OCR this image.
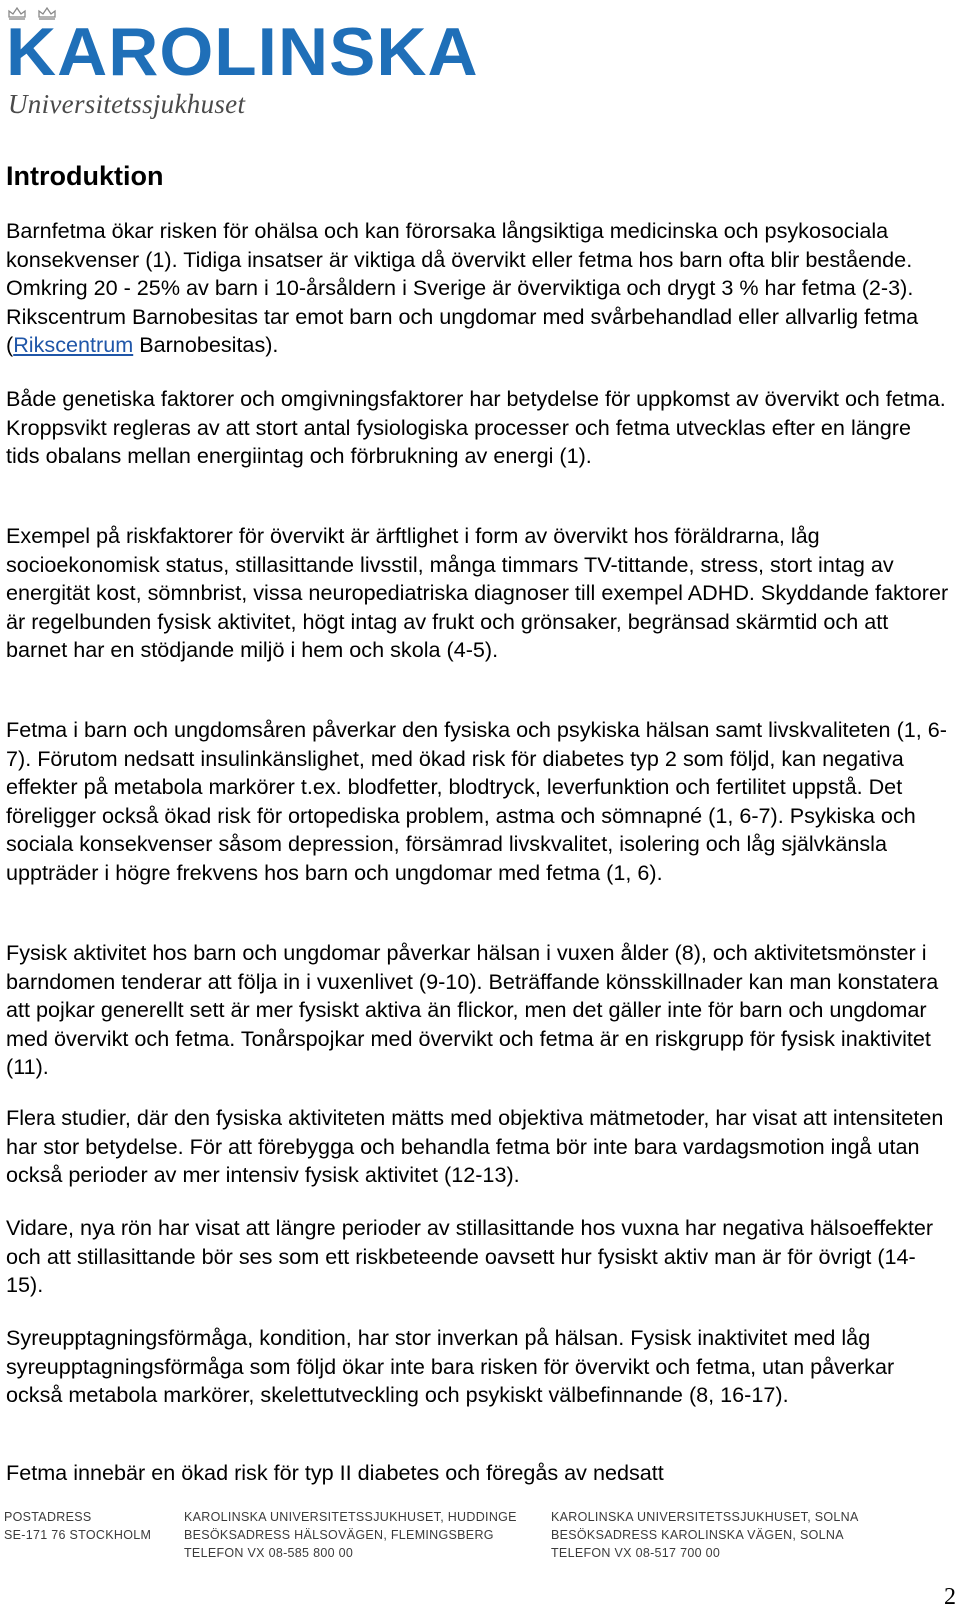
KAROLINSKA
Universitetssjukhuset
Introduktion

Barnfetma ökar risken för ohälsa och kan förorsaka långsiktiga medicinska och psykosociala konsekvenser (1). Tidiga insatser är viktiga då övervikt eller fetma hos barn ofta blir bestående. Omkring 20 - 25% av barn i 10-årsåldern i Sverige är överviktiga och drygt 3 % har fetma (2-3). Rikscentrum Barnobesitas tar emot barn och ungdomar med svårbehandlad eller allvarlig fetma (Rikscentrum Barnobesitas).

Både genetiska faktorer och omgivningsfaktorer har betydelse för uppkomst av övervikt och fetma. Kroppsvikt regleras av att stort antal fysiologiska processer och fetma utvecklas efter en längre tids obalans mellan energiintag och förbrukning av energi (1).

Exempel på riskfaktorer för övervikt är ärftlighet i form av övervikt hos föräldrarna, låg socioekonomisk status, stillasittande livsstil, många timmars TV-tittande, stress, stort intag av energität kost, sömnbrist, vissa neuropediatriska diagnoser till exempel ADHD. Skyddande faktorer är regelbunden fysisk aktivitet, högt intag av frukt och grönsaker, begränsad skärmtid och att barnet har en stödjande miljö i hem och skola (4-5).

Fetma i barn och ungdomsåren påverkar den fysiska och psykiska hälsan samt livskvaliteten (1, 6-7). Förutom nedsatt insulinkänslighet, med ökad risk för diabetes typ 2 som följd, kan negativa effekter på metabola markörer t.ex. blodfetter, blodtryck, leverfunktion och fertilitet uppstå. Det föreligger också ökad risk för ortopediska problem, astma och sömnapné (1, 6-7). Psykiska och sociala konsekvenser såsom depression, försämrad livskvalitet, isolering och låg självkänsla uppträder i högre frekvens hos barn och ungdomar med fetma (1, 6).

Fysisk aktivitet hos barn och ungdomar påverkar hälsan i vuxen ålder (8), och aktivitetsmönster i barndomen tenderar att följa in i vuxenlivet (9-10). Beträffande könsskillnader kan man konstatera att pojkar generellt sett är mer fysiskt aktiva än flickor, men det gäller inte för barn och ungdomar med övervikt och fetma. Tonårspojkar med övervikt och fetma är en riskgrupp för fysisk inaktivitet (11).

Flera studier, där den fysiska aktiviteten mätts med objektiva mätmetoder, har visat att intensiteten har stor betydelse. För att förebygga och behandla fetma bör inte bara vardagsmotion ingå utan också perioder av mer intensiv fysisk aktivitet (12-13).

Vidare, nya rön har visat att längre perioder av stillasittande hos vuxna har negativa hälsoeffekter och att stillasittande bör ses som ett riskbeteende oavsett hur fysiskt aktiv man är för övrigt (14-15).

Syreupptagningsförmåga, kondition, har stor inverkan på hälsan. Fysisk inaktivitet med låg syreupptagningsförmåga som följd ökar inte bara risken för övervikt och fetma, utan påverkar också metabola markörer, skelettutveckling och psykiskt välbefinnande (8, 16-17).

Fetma innebär en ökad risk för typ II diabetes och föregås av nedsatt

POSTADRESS
SE-171 76 STOCKHOLM
KAROLINSKA UNIVERSITETSSJUKHUSET, HUDDINGE
BESÖKSADRESS HÄLSOVÄGEN, FLEMINGSBERG
TELEFON VX 08-585 800 00
KAROLINSKA UNIVERSITETSSJUKHUSET, SOLNA
BESÖKSADRESS KAROLINSKA VÄGEN, SOLNA
TELEFON VX 08-517 700 00
2
